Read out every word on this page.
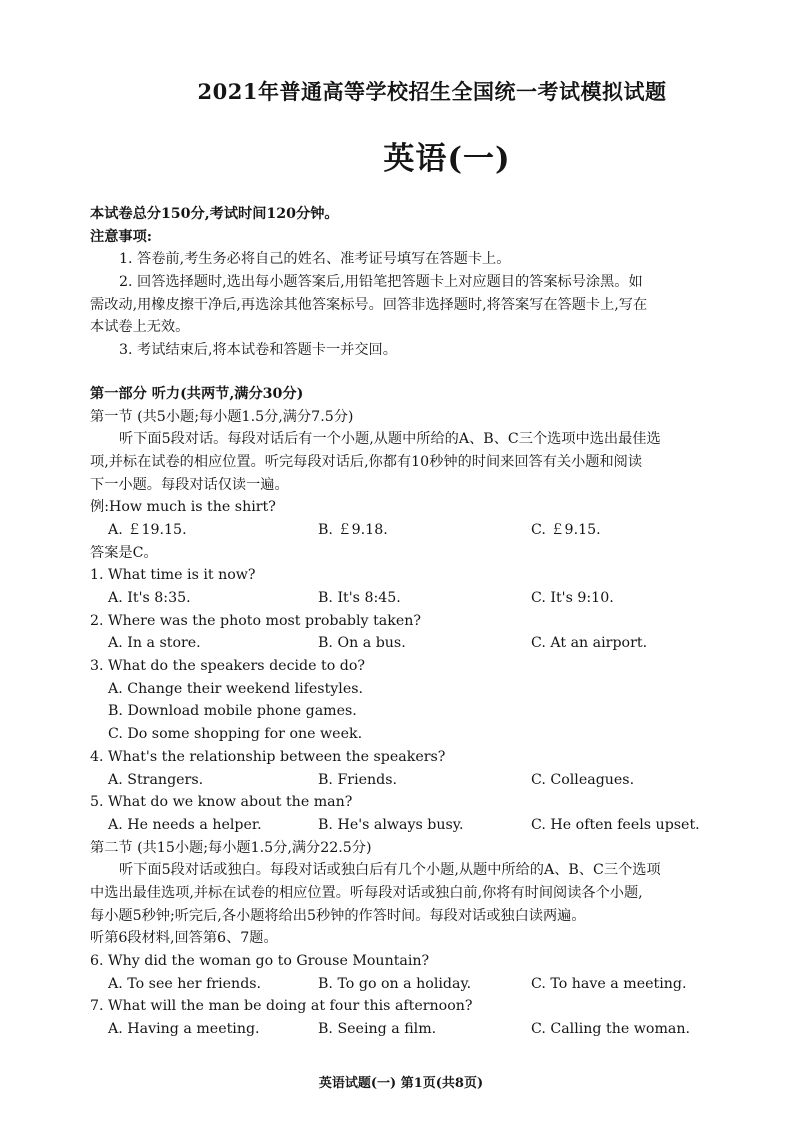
2021年普通高等学校招生全国统一考试模拟试题
英语(一)
本试卷总分150分,考试时间120分钟。
注意事项:
1. 答卷前,考生务必将自己的姓名、准考证号填写在答题卡上。
2. 回答选择题时,选出每小题答案后,用铅笔把答题卡上对应题目的答案标号涂黑。如
需改动,用橡皮擦干净后,再选涂其他答案标号。回答非选择题时,将答案写在答题卡上,写在
本试卷上无效。
3. 考试结束后,将本试卷和答题卡一并交回。
第一部分 听力(共两节,满分30分)
第一节 (共5小题;每小题1.5分,满分7.5分)
听下面5段对话。每段对话后有一个小题,从题中所给的A、B、C三个选项中选出最佳选
项,并标在试卷的相应位置。听完每段对话后,你都有10秒钟的时间来回答有关小题和阅读
下一小题。每段对话仅读一遍。
例:How much is the shirt?
A. ￡19.15.	B. ￡9.18.	C. ￡9.15.
答案是C。
1. What time is it now?
A. It's 8:35.	B. It's 8:45.	C. It's 9:10.
2. Where was the photo most probably taken?
A. In a store.	B. On a bus.	C. At an airport.
3. What do the speakers decide to do?
A. Change their weekend lifestyles.
B. Download mobile phone games.
C. Do some shopping for one week.
4. What's the relationship between the speakers?
A. Strangers.	B. Friends.	C. Colleagues.
5. What do we know about the man?
A. He needs a helper.	B. He's always busy.	C. He often feels upset.
第二节 (共15小题;每小题1.5分,满分22.5分)
听下面5段对话或独白。每段对话或独白后有几个小题,从题中所给的A、B、C三个选项
中选出最佳选项,并标在试卷的相应位置。听每段对话或独白前,你将有时间阅读各个小题,
每小题5秒钟;听完后,各小题将给出5秒钟的作答时间。每段对话或独白读两遍。
听第6段材料,回答第6、7题。
6. Why did the woman go to Grouse Mountain?
A. To see her friends.	B. To go on a holiday.	C. To have a meeting.
7. What will the man be doing at four this afternoon?
A. Having a meeting.	B. Seeing a film.	C. Calling the woman.
英语试题(一) 第1页(共8页)
